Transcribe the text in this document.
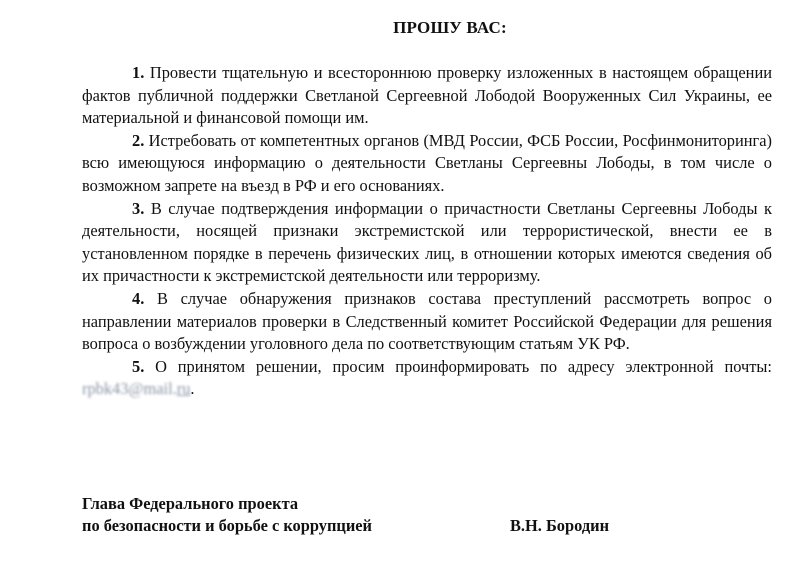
ПРОШУ ВАС:

1. Провести тщательную и всестороннюю проверку изложенных в настоящем обращении фактов публичной поддержки Светланой Сергеевной Лободой Вооруженных Сил Украины, ее материальной и финансовой помощи им.

2. Истребовать от компетентных органов (МВД России, ФСБ России, Росфинмониторинга) всю имеющуюся информацию о деятельности Светланы Сергеевны Лободы, в том числе о возможном запрете на въезд в РФ и его основаниях.

3. В случае подтверждения информации о причастности Светланы Сергеевны Лободы к деятельности, носящей признаки экстремистской или террористической, внести ее в установленном порядке в перечень физических лиц, в отношении которых имеются сведения об их причастности к экстремистской деятельности или терроризму.

4. В случае обнаружения признаков состава преступлений рассмотреть вопрос о направлении материалов проверки в Следственный комитет Российской Федерации для решения вопроса о возбуждении уголовного дела по соответствующим статьям УК РФ.

5. О принятом решении, просим проинформировать по адресу электронной почты: rpbk43@mail.ru.

Глава Федерального проекта
по безопасности и борьбе с коррупцией	В.Н. Бородин
